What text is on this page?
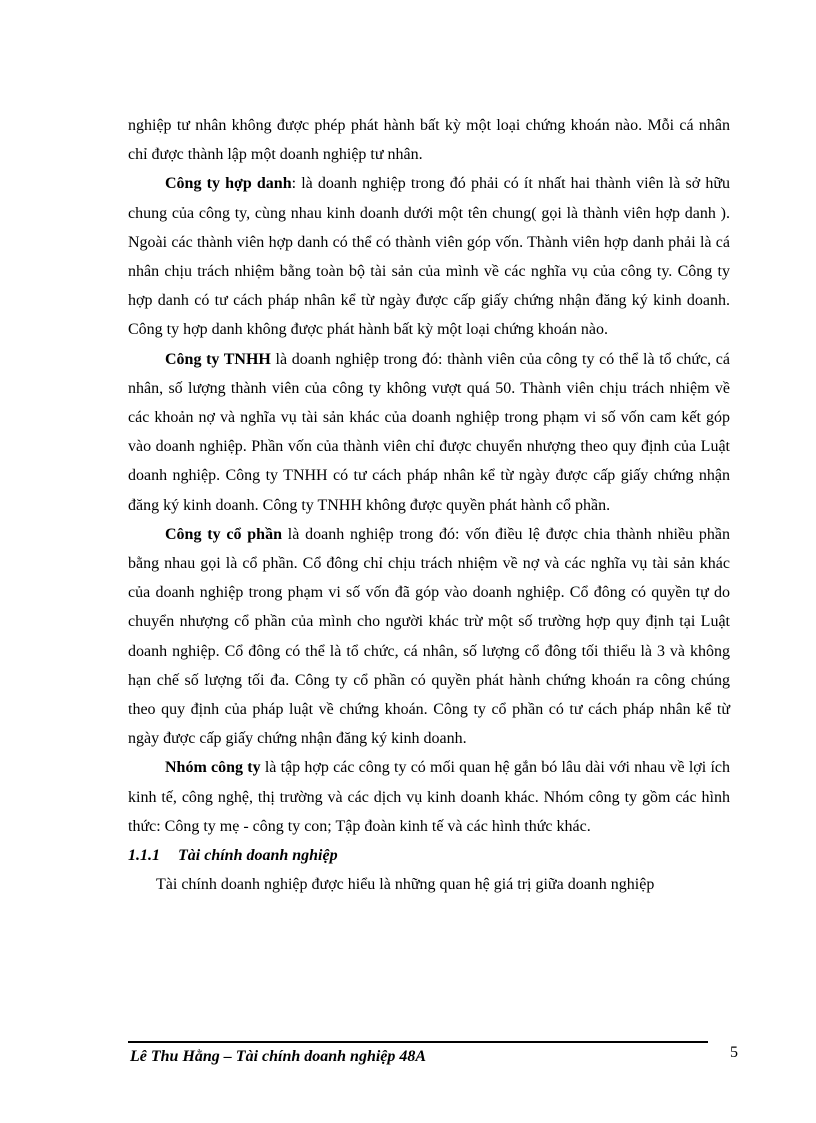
nghiệp tư nhân không được phép phát hành bất kỳ một loại chứng khoán nào. Mỗi cá nhân chỉ được thành lập một doanh nghiệp tư nhân.

Công ty hợp danh: là doanh nghiệp trong đó phải có ít nhất hai thành viên là sở hữu chung của công ty, cùng nhau kinh doanh dưới một tên chung( gọi là thành viên hợp danh ). Ngoài các thành viên hợp danh có thể có thành viên góp vốn. Thành viên hợp danh phải là cá nhân chịu trách nhiệm bằng toàn bộ tài sản của mình về các nghĩa vụ của công ty. Công ty hợp danh có tư cách pháp nhân kể từ ngày được cấp giấy chứng nhận đăng ký kinh doanh. Công ty hợp danh không được phát hành bất kỳ một loại chứng khoán nào.

Công ty TNHH là doanh nghiệp trong đó: thành viên của công ty có thể là tổ chức, cá nhân, số lượng thành viên của công ty không vượt quá 50. Thành viên chịu trách nhiệm về các khoản nợ và nghĩa vụ tài sản khác của doanh nghiệp trong phạm vi số vốn cam kết góp vào doanh nghiệp. Phần vốn của thành viên chỉ được chuyển nhượng theo quy định của Luật doanh nghiệp. Công ty TNHH có tư cách pháp nhân kể từ ngày được cấp giấy chứng nhận đăng ký kinh doanh. Công ty TNHH không được quyền phát hành cổ phần.

Công ty cổ phần là doanh nghiệp trong đó: vốn điều lệ được chia thành nhiều phần bằng nhau gọi là cổ phần. Cổ đông chỉ chịu trách nhiệm về nợ và các nghĩa vụ tài sản khác của doanh nghiệp trong phạm vi số vốn đã góp vào doanh nghiệp. Cổ đông có quyền tự do chuyển nhượng cổ phần của mình cho người khác trừ một số trường hợp quy định tại Luật doanh nghiệp. Cổ đông có thể là tổ chức, cá nhân, số lượng cổ đông tối thiểu là 3 và không hạn chế số lượng tối đa. Công ty cổ phần có quyền phát hành chứng khoán ra công chúng theo quy định của pháp luật về chứng khoán. Công ty cổ phần có tư cách pháp nhân kể từ ngày được cấp giấy chứng nhận đăng ký kinh doanh.

Nhóm công ty là tập hợp các công ty có mối quan hệ gắn bó lâu dài với nhau về lợi ích kinh tế, công nghệ, thị trường và các dịch vụ kinh doanh khác. Nhóm công ty gồm các hình thức: Công ty mẹ - công ty con; Tập đoàn kinh tế và các hình thức khác.

1.1.1 Tài chính doanh nghiệp

Tài chính doanh nghiệp được hiểu là những quan hệ giá trị giữa doanh nghiệp

Lê Thu Hằng – Tài chính doanh nghiệp 48A	5
